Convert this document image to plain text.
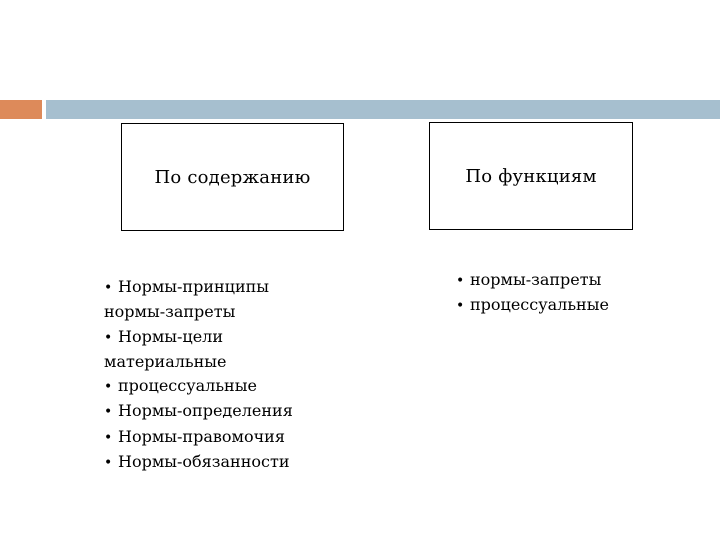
По содержанию	По функциям
• Нормы-принципы
нормы-запреты
• Нормы-цели
материальные
• процессуальные
• Нормы-определения
• Нормы-правомочия
• Нормы-обязанности
• нормы-запреты
• процессуальные
